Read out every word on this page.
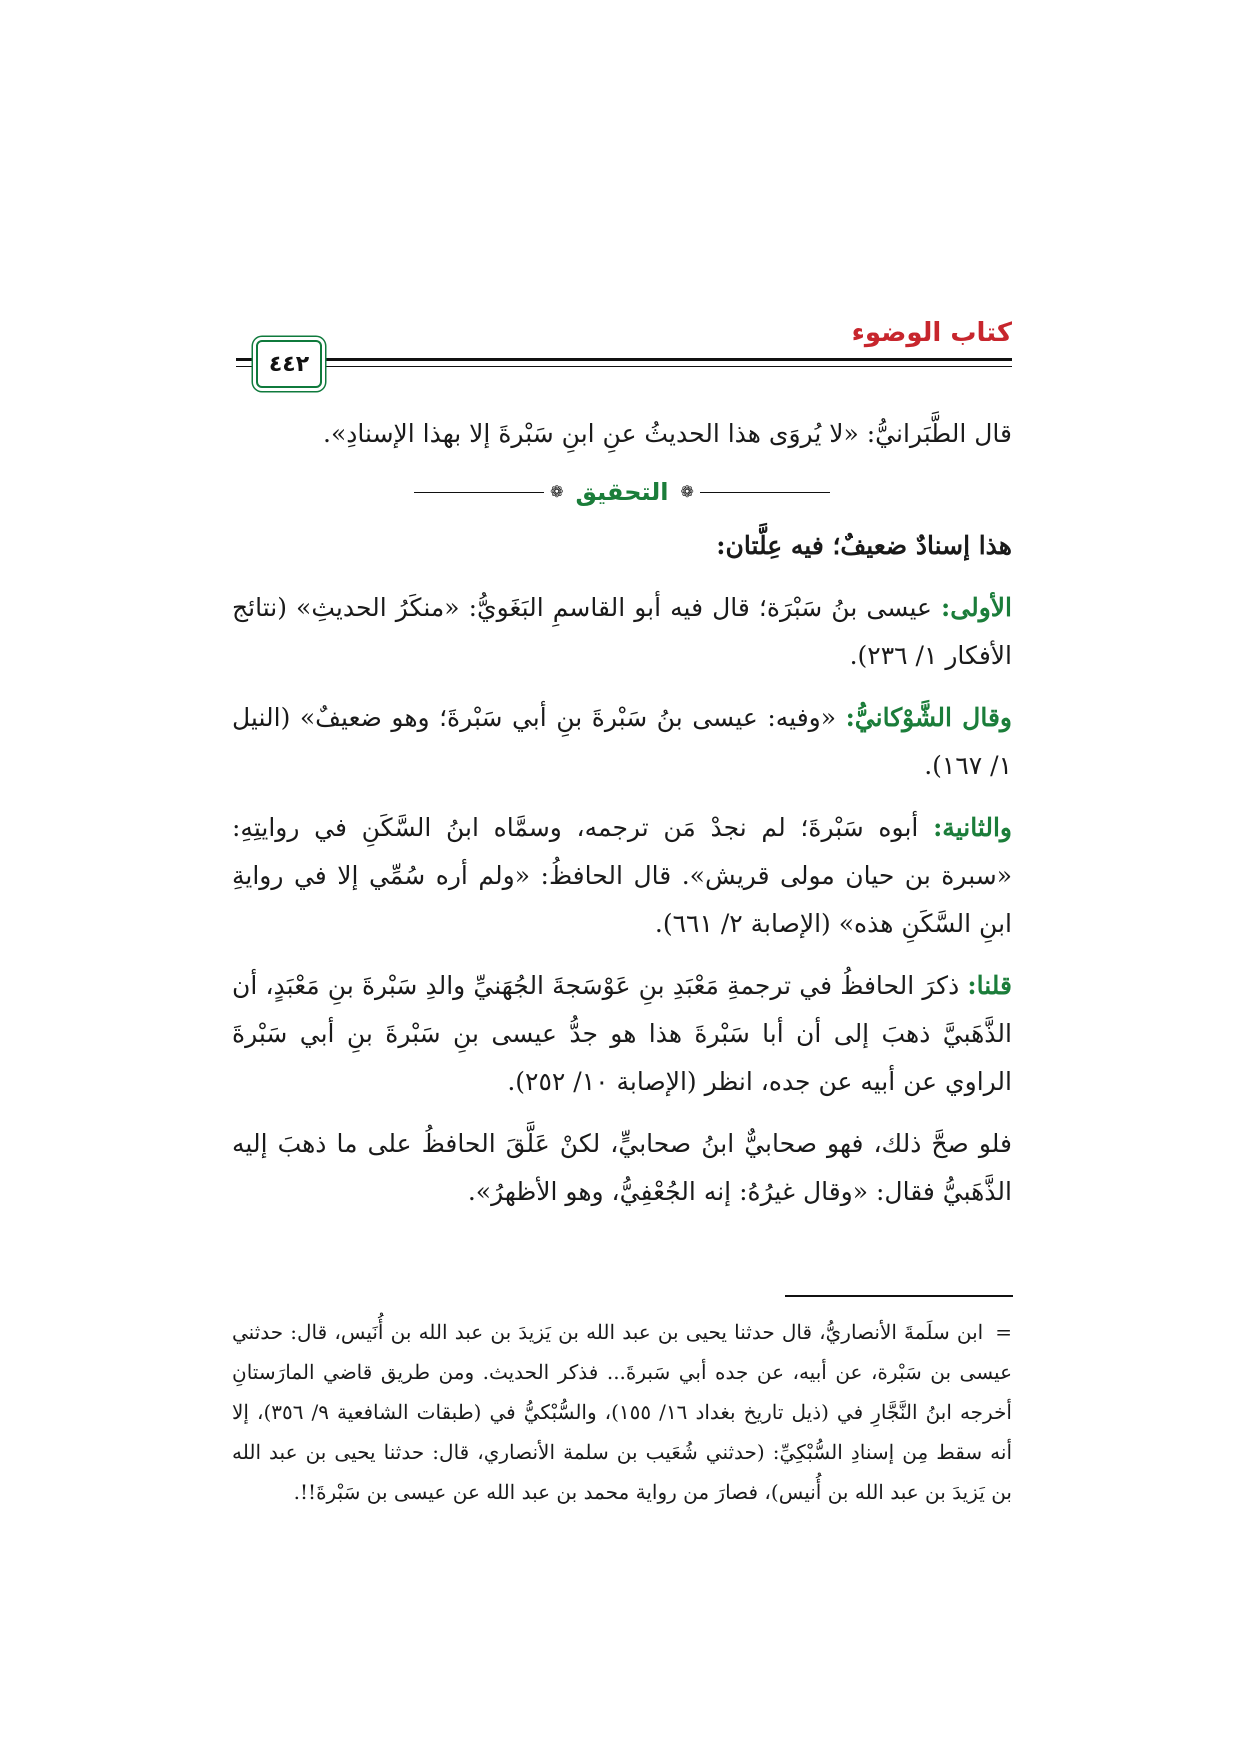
كتاب الوضوء
٤٤٢

قال الطَّبَرانيُّ: «لا يُروَى هذا الحديثُ عنِ ابنِ سَبْرةَ إلا بهذا الإسنادِ».

❁
التحقيق
❁

هذا إسنادٌ ضعيفٌ؛ فيه عِلَّتان:

الأولى: عيسى بنُ سَبْرَة؛ قال فيه أبو القاسمِ البَغَويُّ: «منكَرُ الحديثِ» (نتائج الأفكار ١/ ٢٣٦).

وقال الشَّوْكانيُّ: «وفيه: عيسى بنُ سَبْرةَ بنِ أبي سَبْرةَ؛ وهو ضعيفٌ» (النيل ١/ ١٦٧).

والثانية: أبوه سَبْرةَ؛ لم نجدْ مَن ترجمه، وسمَّاه ابنُ السَّكَنِ في روايتِهِ: «سبرة بن حيان مولى قريش». قال الحافظُ: «ولم أره سُمِّي إلا في روايةِ ابنِ السَّكَنِ هذه» (الإصابة ٢/ ٦٦١).

قلنا: ذكرَ الحافظُ في ترجمةِ مَعْبَدِ بنِ عَوْسَجةَ الجُهَنيِّ والدِ سَبْرةَ بنِ مَعْبَدٍ، أن الذَّهَبيَّ ذهبَ إلى أن أبا سَبْرةَ هذا هو جدُّ عيسى بنِ سَبْرةَ بنِ أبي سَبْرةَ الراوي عن أبيه عن جده، انظر (الإصابة ١٠/ ٢٥٢).

فلو صحَّ ذلك، فهو صحابيٌّ ابنُ صحابيٍّ، لكنْ عَلَّقَ الحافظُ على ما ذهبَ إليه الذَّهَبيُّ فقال: «وقال غيرُهُ: إنه الجُعْفِيُّ، وهو الأظهرُ».

=ابن سلَمةَ الأنصاريُّ، قال حدثنا يحيى بن عبد الله بن يَزيدَ بن عبد الله بن أُنَيس، قال: حدثني عيسى بن سَبْرة، عن أبيه، عن جده أبي سَبرةَ... فذكر الحديث. ومن طريق قاضي المارَستانِ أخرجه ابنُ النَّجَّارِ في (ذيل تاريخ بغداد ١٦/ ١٥٥)، والسُّبْكيُّ في (طبقات الشافعية ٩/ ٣٥٦)، إلا أنه سقط مِن إسنادِ السُّبْكِيِّ: (حدثني شُعَيب بن سلمة الأنصاري، قال: حدثنا يحيى بن عبد الله بن يَزيدَ بن عبد الله بن أُنيس)، فصارَ من رواية محمد بن عبد الله عن عيسى بن سَبْرةَ!!.
